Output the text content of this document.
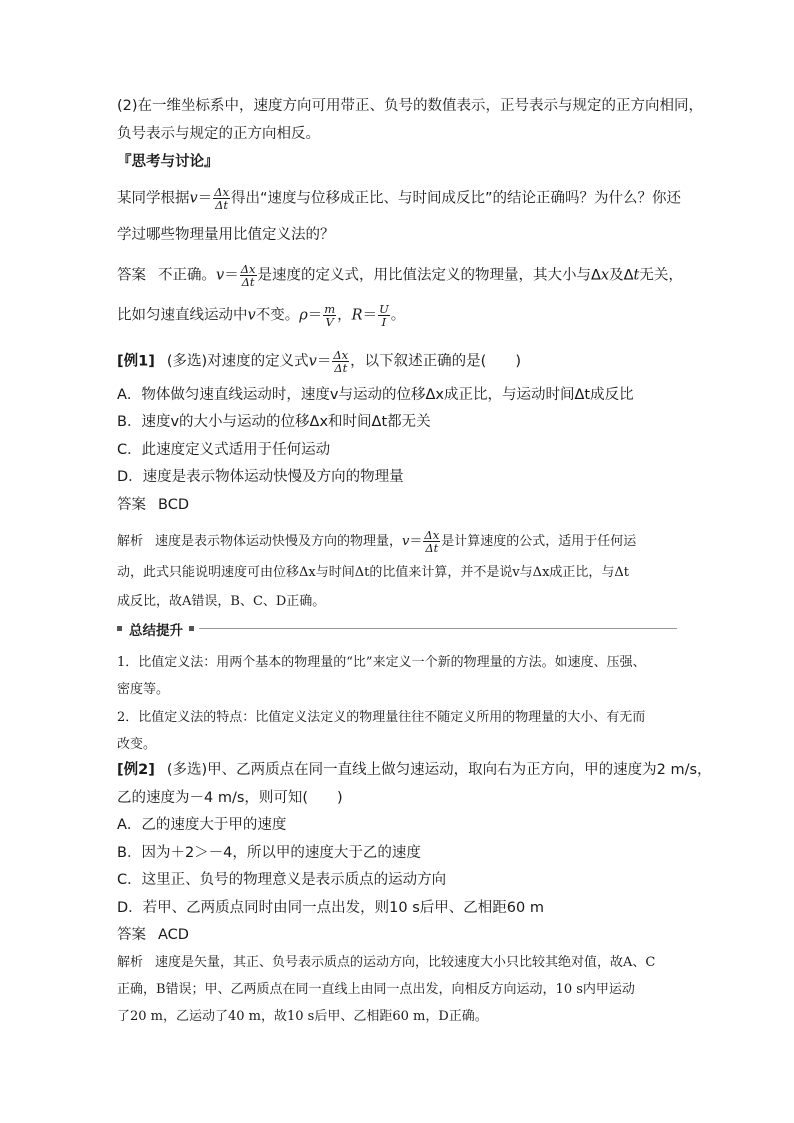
(2)在一维坐标系中，速度方向可用带正、负号的数值表示，正号表示与规定的正方向相同，
负号表示与规定的正方向相反。
『思考与讨论』
某同学根据$v= \frac{\Delta x}{\Delta t}$ 得出“速度与位移成正比、与时间成反比”的结论正确吗？为什么？你还
学过哪些物理量用比值定义法的？
答案 不正确。$v= \frac{\Delta x}{\Delta t}$ 是速度的定义式，用比值法定义的物理量，其大小与Δx及Δt无关，
比如匀速直线运动中v不变。$\rho= \frac{m}{V}$ ，$R= \frac{U}{I}$ 。
[例1] (多选)对速度的定义式$v= \frac{\Delta x}{\Delta t}$ ，以下叙述正确的是(　　)
A．物体做匀速直线运动时，速度v与运动的位移Δx成正比，与运动时间Δt成反比
B．速度v的大小与运动的位移Δx和时间Δt都无关
C．此速度定义式适用于任何运动
D．速度是表示物体运动快慢及方向的物理量
答案 BCD
解析 速度是表示物体运动快慢及方向的物理量，$v= \frac{\Delta x}{\Delta t}$ 是计算速度的公式，适用于任何运
动，此式只能说明速度可由位移Δx与时间Δt的比值来计算，并不是说v与Δx成正比，与Δt
成反比，故A错误，B、C、D正确。
总结提升
1．比值定义法：用两个基本的物理量的“比”来定义一个新的物理量的方法。如速度、压强、
密度等。
2．比值定义法的特点：比值定义法定义的物理量往往不随定义所用的物理量的大小、有无而
改变。
[例2] (多选)甲、乙两质点在同一直线上做匀速运动，取向右为正方向，甲的速度为2 m/s，
乙的速度为－4 m/s，则可知(　　)
A．乙的速度大于甲的速度
B．因为＋2＞－4，所以甲的速度大于乙的速度
C．这里正、负号的物理意义是表示质点的运动方向
D．若甲、乙两质点同时由同一点出发，则10 s后甲、乙相距60 m
答案 ACD
解析 速度是矢量，其正、负号表示质点的运动方向，比较速度大小只比较其绝对值，故A、C
正确，B错误；甲、乙两质点在同一直线上由同一点出发，向相反方向运动，10 s内甲运动
了20 m，乙运动了40 m，故10 s后甲、乙相距60 m，D正确。
